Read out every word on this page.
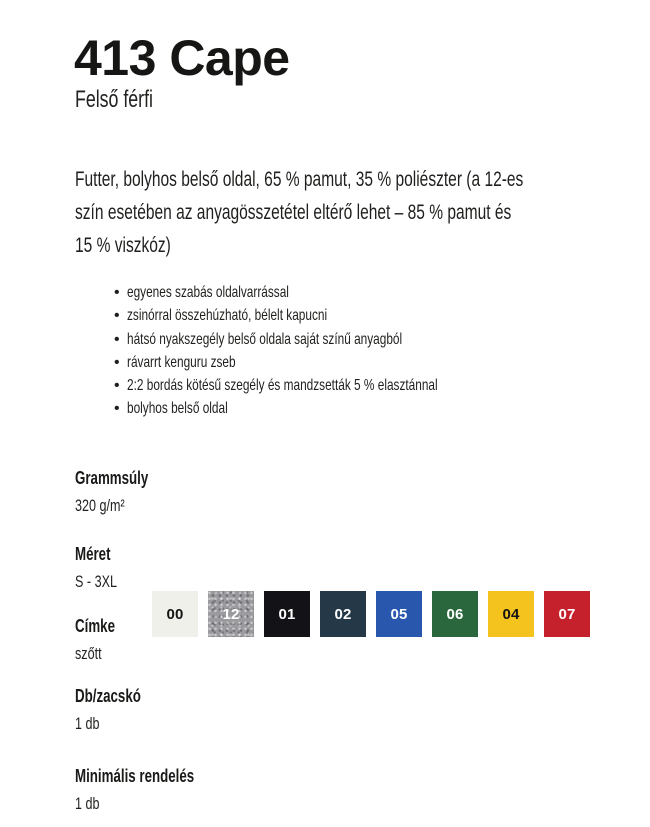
413 Cape
Felső férfi
Futter, bolyhos belső oldal, 65 % pamut, 35 % poliészter (a 12-es
szín esetében az anyagösszetétel eltérő lehet – 85 % pamut és
15 % viszkóz)
• egyenes szabás oldalvarrással
• zsinórral összehúzható, bélelt kapucni
• hátsó nyakszegély belső oldala saját színű anyagból
• rávarrt kenguru zseb
• 2:2 bordás kötésű szegély és mandzsetták 5 % elasztánnal
• bolyhos belső oldal
Grammsúly
320 g/m²
Méret
S - 3XL
Címke
szőtt
Db/zacskó
1 db
Minimális rendelés
1 db
00	12	01	02	05	06	04	07
